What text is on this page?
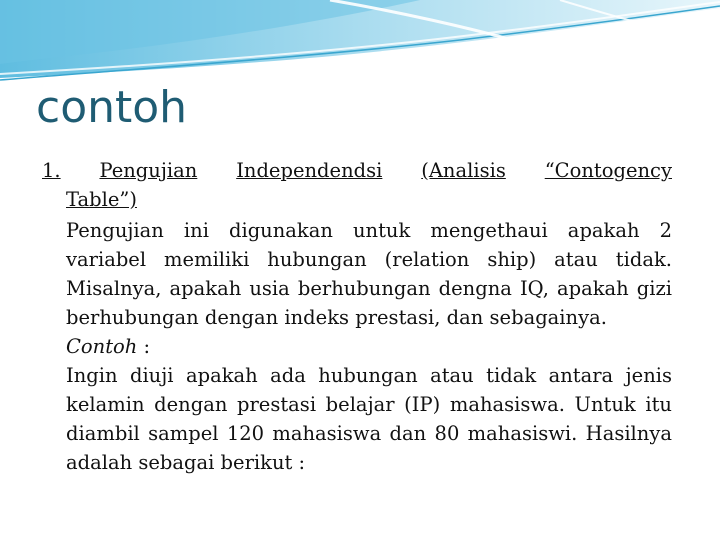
contoh
1. Pengujian Independendsi (Analisis “Contogency
Table”)
Pengujian ini digunakan untuk mengethaui apakah 2 variabel memiliki hubungan (relation ship) atau tidak. Misalnya, apakah usia berhubungan dengna IQ, apakah gizi berhubungan dengan indeks prestasi, dan sebagainya.
Contoh :
Ingin diuji apakah ada hubungan atau tidak antara jenis kelamin dengan prestasi belajar (IP) mahasiswa. Untuk itu diambil sampel 120 mahasiswa dan 80 mahasiswi. Hasilnya adalah sebagai berikut :
